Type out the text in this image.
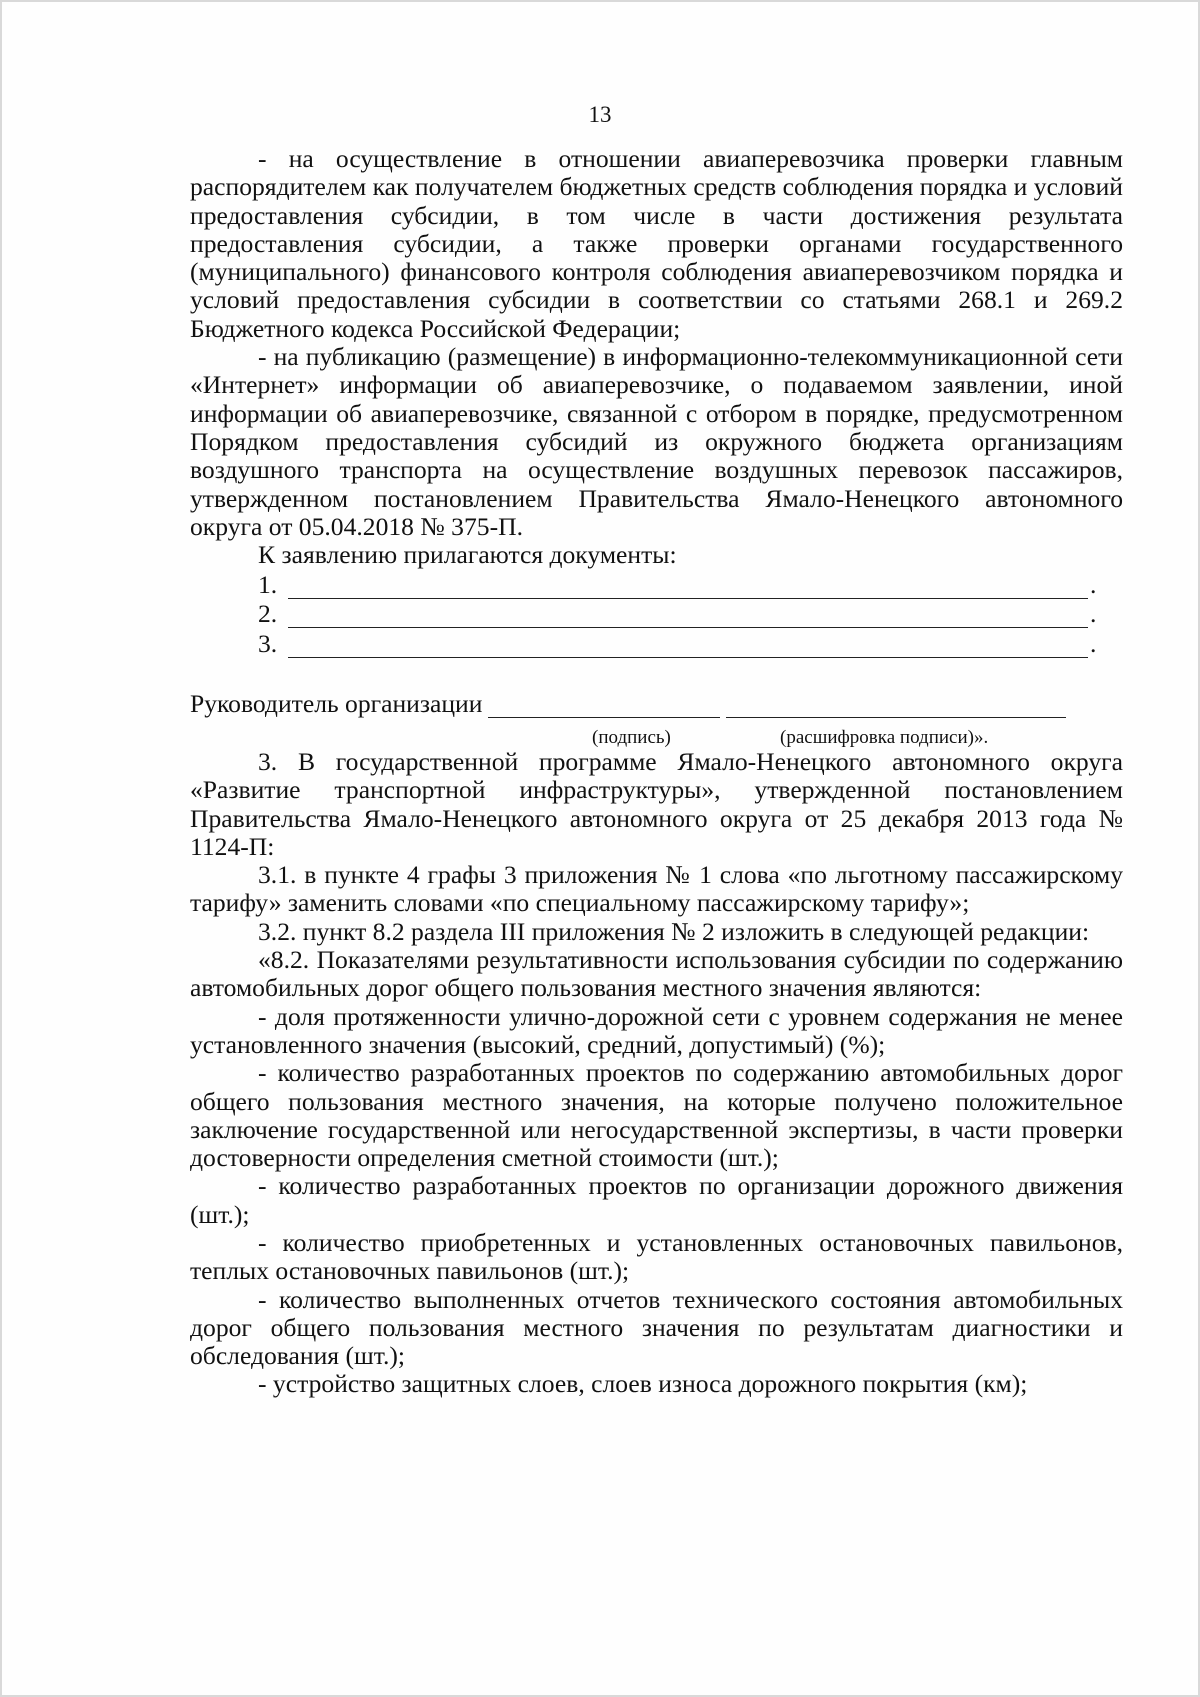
13

- на осуществление в отношении авиаперевозчика проверки главным распорядителем как получателем бюджетных средств соблюдения порядка и условий предоставления субсидии, в том числе в части достижения результата предоставления субсидии, а также проверки органами государственного (муниципального) финансового контроля соблюдения авиаперевозчиком порядка и условий предоставления субсидии в соответствии со статьями 268.1 и 269.2 Бюджетного кодекса Российской Федерации;

- на публикацию (размещение) в информационно-телекоммуникационной сети «Интернет» информации об авиаперевозчике, о подаваемом заявлении, иной информации об авиаперевозчике, связанной с отбором в порядке, предусмотренном Порядком предоставления субсидий из окружного бюджета организациям воздушного транспорта на осуществление воздушных перевозок пассажиров, утвержденном постановлением Правительства Ямало-Ненецкого автономного округа от 05.04.2018 № 375-П.

К заявлению прилагаются документы:

1.	.
2.	.
3.	.
Руководитель организации
(подпись)	(расшифровка подписи)».

3. В государственной программе Ямало-Ненецкого автономного округа «Развитие транспортной инфраструктуры», утвержденной постановлением Правительства Ямало-Ненецкого автономного округа от 25 декабря 2013 года № 1124-П:

3.1. в пункте 4 графы 3 приложения № 1 слова «по льготному пассажирскому тарифу» заменить словами «по специальному пассажирскому тарифу»;

3.2. пункт 8.2 раздела III приложения № 2 изложить в следующей редакции:

«8.2. Показателями результативности использования субсидии по содержанию автомобильных дорог общего пользования местного значения являются:

- доля протяженности улично-дорожной сети с уровнем содержания не менее установленного значения (высокий, средний, допустимый) (%);

- количество разработанных проектов по содержанию автомобильных дорог общего пользования местного значения, на которые получено положительное заключение государственной или негосударственной экспертизы, в части проверки достоверности определения сметной стоимости (шт.);

- количество разработанных проектов по организации дорожного движения (шт.);

- количество приобретенных и установленных остановочных павильонов, теплых остановочных павильонов (шт.);

- количество выполненных отчетов технического состояния автомобильных дорог общего пользования местного значения по результатам диагностики и обследования (шт.);

- устройство защитных слоев, слоев износа дорожного покрытия (км);
